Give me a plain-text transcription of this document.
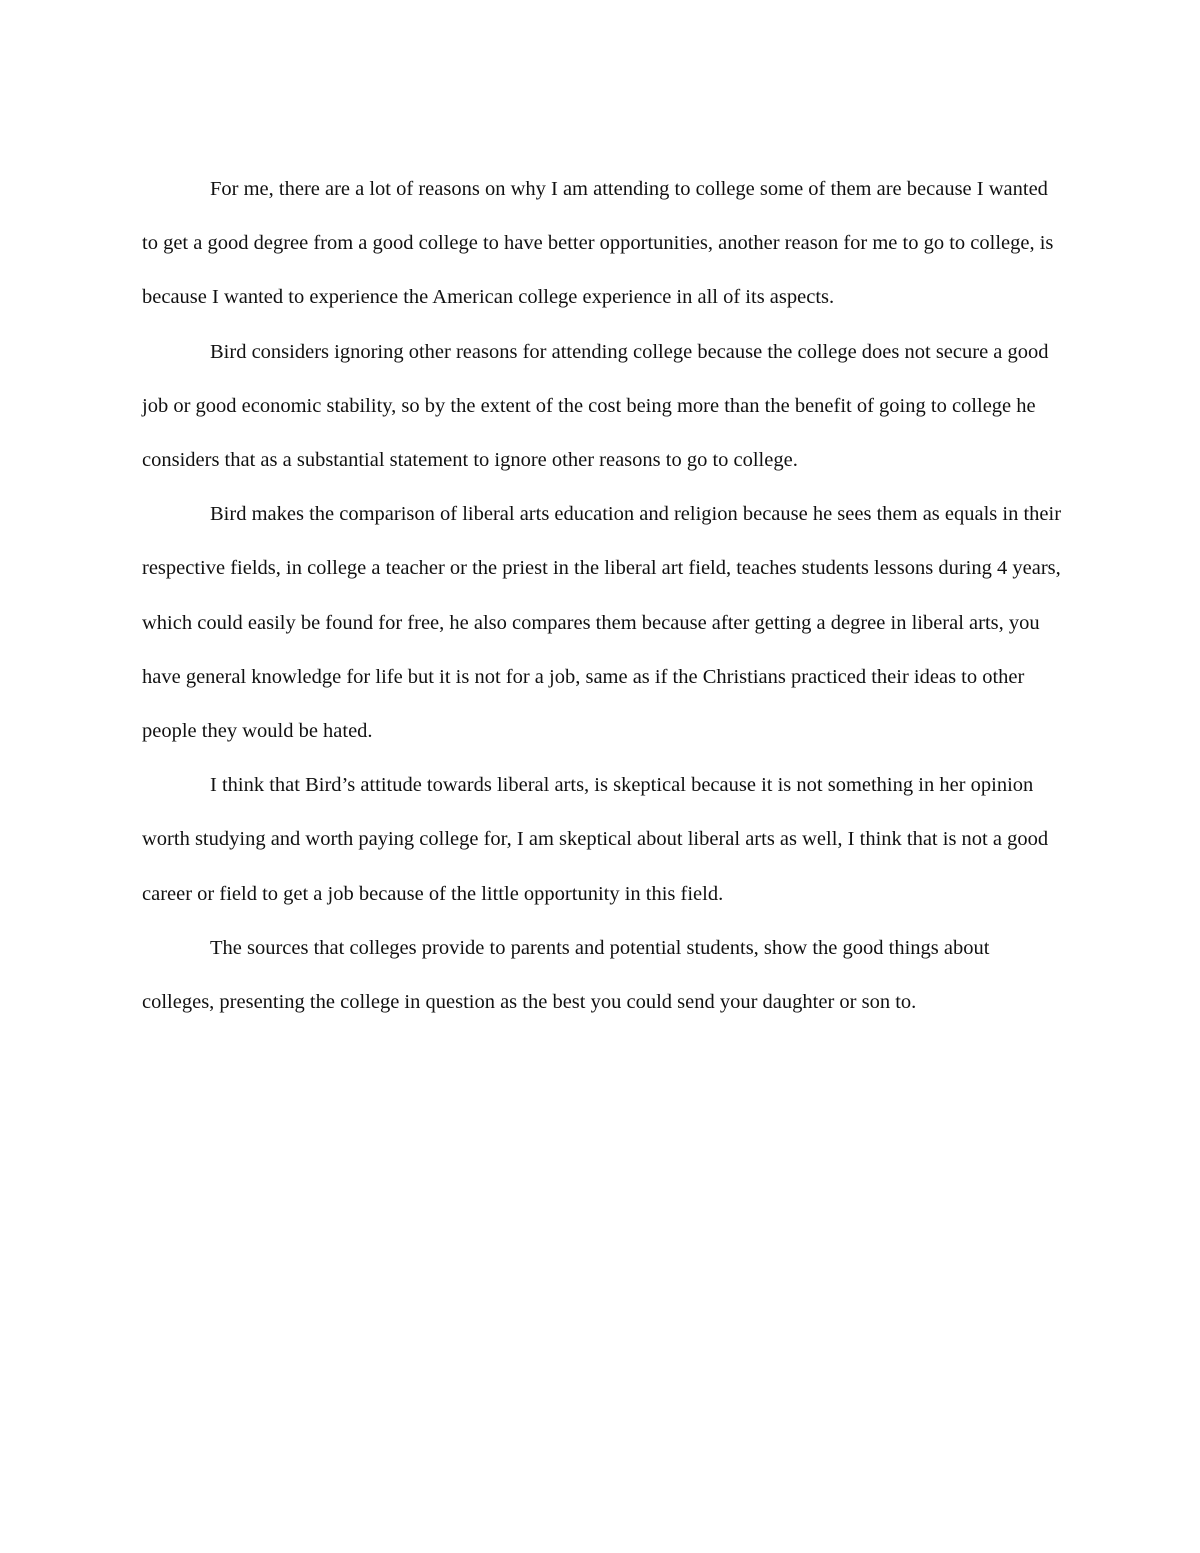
For me, there are a lot of reasons on why I am attending to college some of them are because I wanted to get a good degree from a good college to have better opportunities, another reason for me to go to college, is because I wanted to experience the American college experience in all of its aspects.

Bird considers ignoring other reasons for attending college because the college does not secure a good job or good economic stability, so by the extent of the cost being more than the benefit of going to college he considers that as a substantial statement to ignore other reasons to go to college.

Bird makes the comparison of liberal arts education and religion because he sees them as equals in their respective fields, in college a teacher or the priest in the liberal art field, teaches students lessons during 4 years, which could easily be found for free, he also compares them because after getting a degree in liberal arts, you have general knowledge for life but it is not for a job, same as if the Christians practiced their ideas to other people they would be hated.

I think that Bird’s attitude towards liberal arts, is skeptical because it is not something in her opinion worth studying and worth paying college for, I am skeptical about liberal arts as well, I think that is not a good career or field to get a job because of the little opportunity in this field.

The sources that colleges provide to parents and potential students, show the good things about colleges, presenting the college in question as the best you could send your daughter or son to.
